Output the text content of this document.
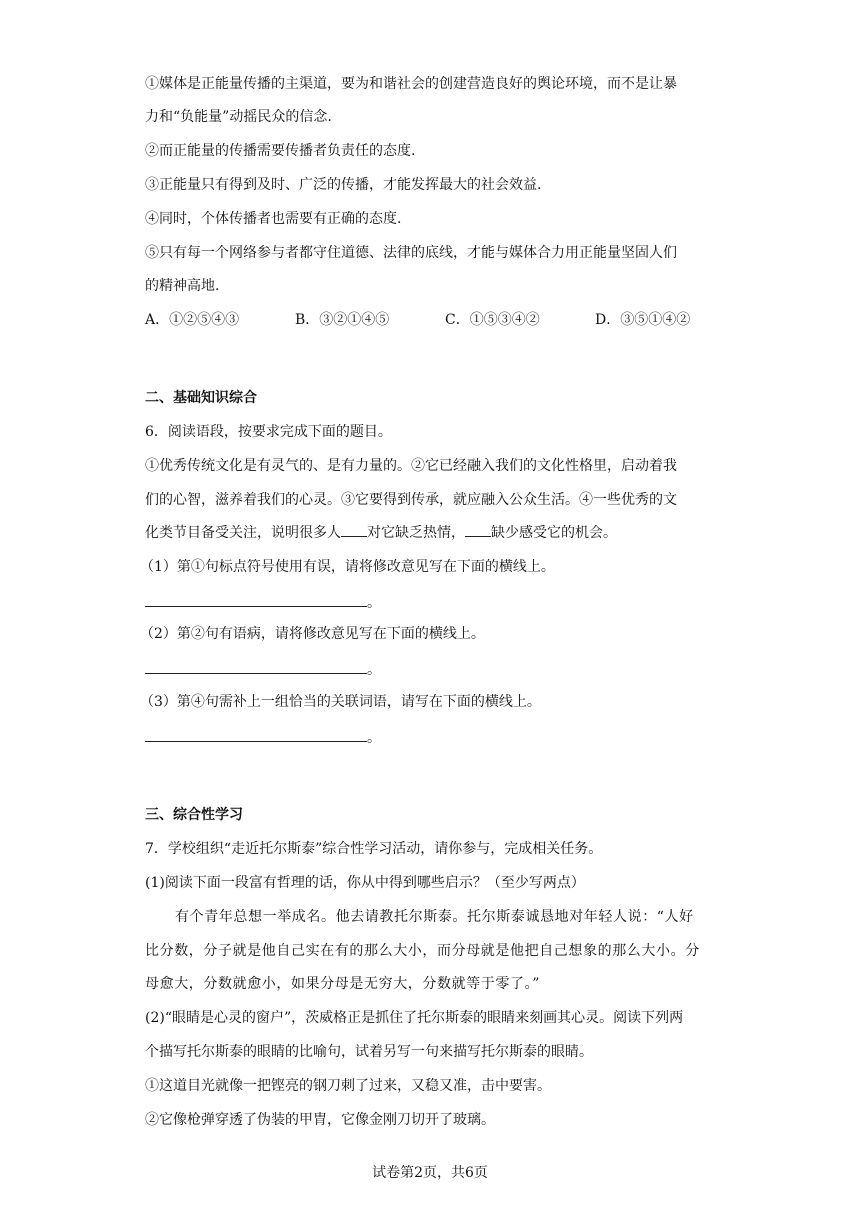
①媒体是正能量传播的主渠道，要为和谐社会的创建营造良好的舆论环境，而不是让暴
力和“负能量”动摇民众的信念.
②而正能量的传播需要传播者负责任的态度.
③正能量只有得到及时、广泛的传播，才能发挥最大的社会效益.
④同时，个体传播者也需要有正确的态度.
⑤只有每一个网络参与者都守住道德、法律的底线，才能与媒体合力用正能量坚固人们
的精神高地.
A．①②⑤④③	B．③②①④⑤	C．①⑤③④②	D．③⑤①④②
二、基础知识综合
6．阅读语段，按要求完成下面的题目。
①优秀传统文化是有灵气的、是有力量的。②它已经融入我们的文化性格里，启动着我
们的心智，滋养着我们的心灵。③它要得到传承，就应融入公众生活。④一些优秀的文
化类节目备受关注，说明很多人 对它缺乏热情， 缺少感受它的机会。
（1）第①句标点符号使用有误，请将修改意见写在下面的横线上。
。
（2）第②句有语病，请将修改意见写在下面的横线上。
。
（3）第④句需补上一组恰当的关联词语，请写在下面的横线上。
。
三、综合性学习
7．学校组织“走近托尔斯泰”综合性学习活动，请你参与，完成相关任务。
(1)阅读下面一段富有哲理的话，你从中得到哪些启示？（至少写两点）
有个青年总想一举成名。他去请教托尔斯泰。托尔斯泰诚恳地对年轻人说：“人好
比分数，分子就是他自己实在有的那么大小，而分母就是他把自己想象的那么大小。分
母愈大，分数就愈小，如果分母是无穷大，分数就等于零了。”
(2)“眼睛是心灵的窗户”，茨威格正是抓住了托尔斯泰的眼睛来刻画其心灵。阅读下列两
个描写托尔斯泰的眼睛的比喻句，试着另写一句来描写托尔斯泰的眼睛。
①这道目光就像一把铿亮的钢刀刺了过来，又稳又准，击中要害。
②它像枪弹穿透了伪装的甲胄，它像金刚刀切开了玻璃。
试卷第2页，共6页
